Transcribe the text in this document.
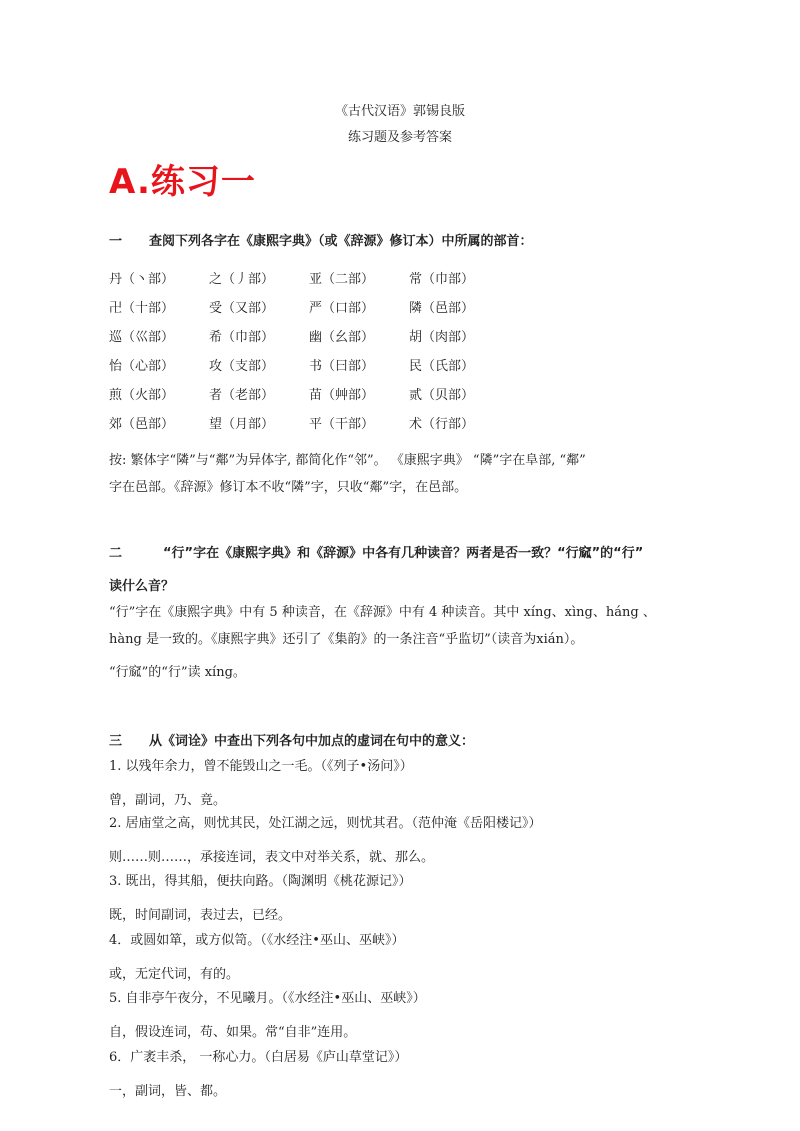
《古代汉语》郭锡良版
练习题及参考答案
A.练习一
一 查阅下列各字在《康熙字典》（或《辞源》修订本）中所属的部首：
丹（丶部）	之（丿部）	亚（二部）	常（巾部）
卍（十部）	受（又部）	严（口部）	隣（邑部）
巡（巛部）	希（巾部）	幽（幺部）	胡（肉部）
怡（心部）	攻（支部）	书（曰部）	民（氏部）
煎（火部）	者（老部）	苗（艸部）	贰（贝部）
郊（邑部）	望（月部）	平（干部）	术（行部）
按: 繁体字“隣”与“鄰”为异体字, 都简化作“邻”。 《康熙字典》 “隣”字在阜部, “鄰”
字在邑部。《辞源》修订本不收“隣”字，只收“鄰”字，在邑部。
二	“行”字在《康熙字典》和《辞源》中各有几种读音？两者是否一致？“行窳”的“行”
读什么音？
“行”字在《康熙字典》中有 5 种读音，在《辞源》中有 4 种读音。其中 xíng、xìng、háng 、
hàng 是一致的。《康熙字典》还引了《集韵》的一条注音“乎监切”（读音为xián）。
“行窳”的“行”读 xíng。
三 从《词诠》中查出下列各句中加点的虚词在句中的意义：
1. 以残年余力，曾不能毁山之一毛。（《列子•汤问》）
曾，副词，乃、竟。
2. 居庙堂之高，则忧其民，处江湖之远，则忧其君。（范仲淹《岳阳楼记》）
则……则……，承接连词，表文中对举关系，就、那么。
3. 既出，得其船，便扶向路。（陶渊明《桃花源记》）
既，时间副词，表过去，已经。
4．或圆如箪，或方似笥。（《水经注•巫山、巫峡》）
或，无定代词，有的。
5. 自非亭午夜分，不见曦月。（《水经注•巫山、巫峡》）
自，假设连词，苟、如果。常“自非”连用。
6．广袤丰杀， 一称心力。（白居易《庐山草堂记》）
一，副词，皆、都。
